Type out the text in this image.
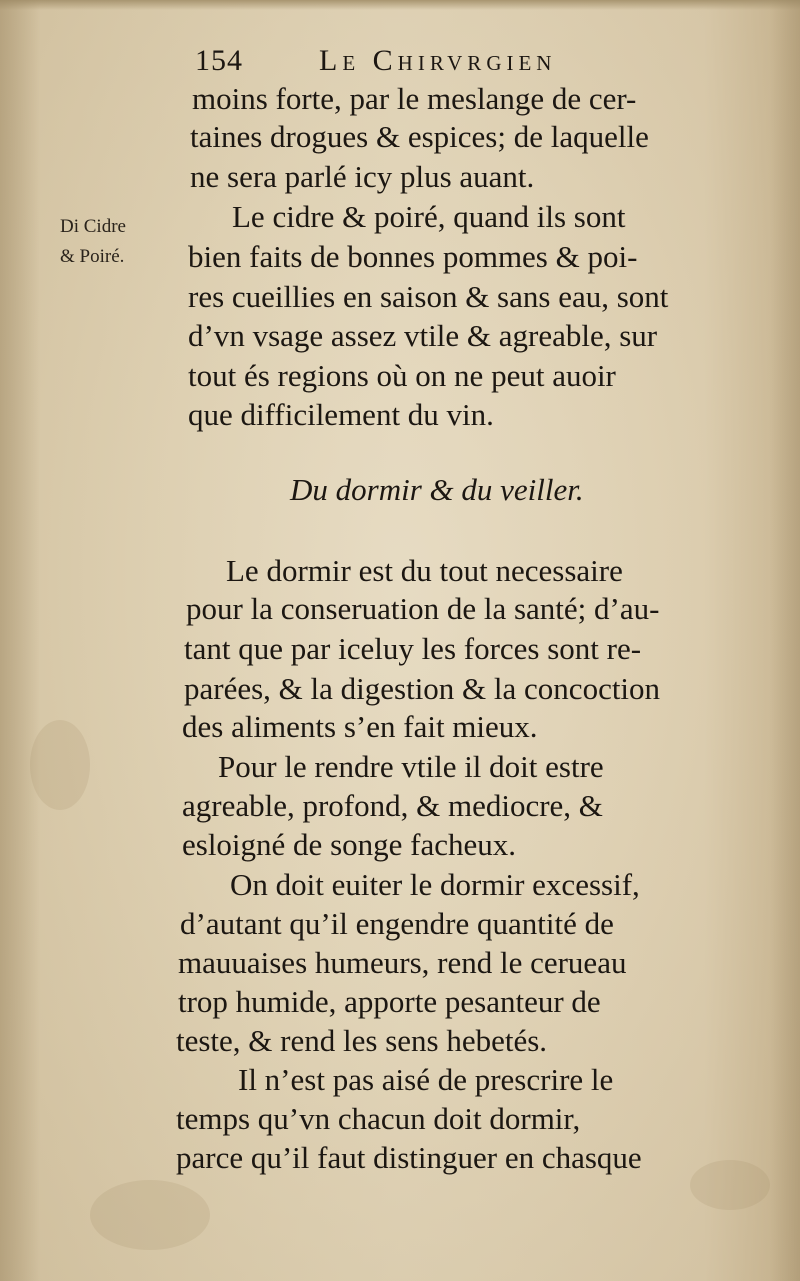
154	Le Chirvrgien
Di Cidre
& Poiré.
moins forte, par le meslange de cer-
taines drogues & espices; de laquelle
ne sera parlé icy plus auant.
Le cidre & poiré, quand ils sont
bien faits de bonnes pommes & poi-
res cueillies en saison & sans eau, sont
d’vn vsage assez vtile & agreable, sur
tout és regions où on ne peut auoir
que difficilement du vin.
Du dormir & du veiller.
Le dormir est du tout necessaire
pour la conseruation de la santé; d’au-
tant que par iceluy les forces sont re-
parées, & la digestion & la concoction
des aliments s’en fait mieux.
Pour le rendre vtile il doit estre
agreable, profond, & mediocre, &
esloigné de songe facheux.
On doit euiter le dormir excessif,
d’autant qu’il engendre quantité de
mauuaises humeurs, rend le cerueau
trop humide, apporte pesanteur de
teste, & rend les sens hebetés.
Il n’est pas aisé de prescrire le
temps qu’vn chacun doit dormir,
parce qu’il faut distinguer en chasque
